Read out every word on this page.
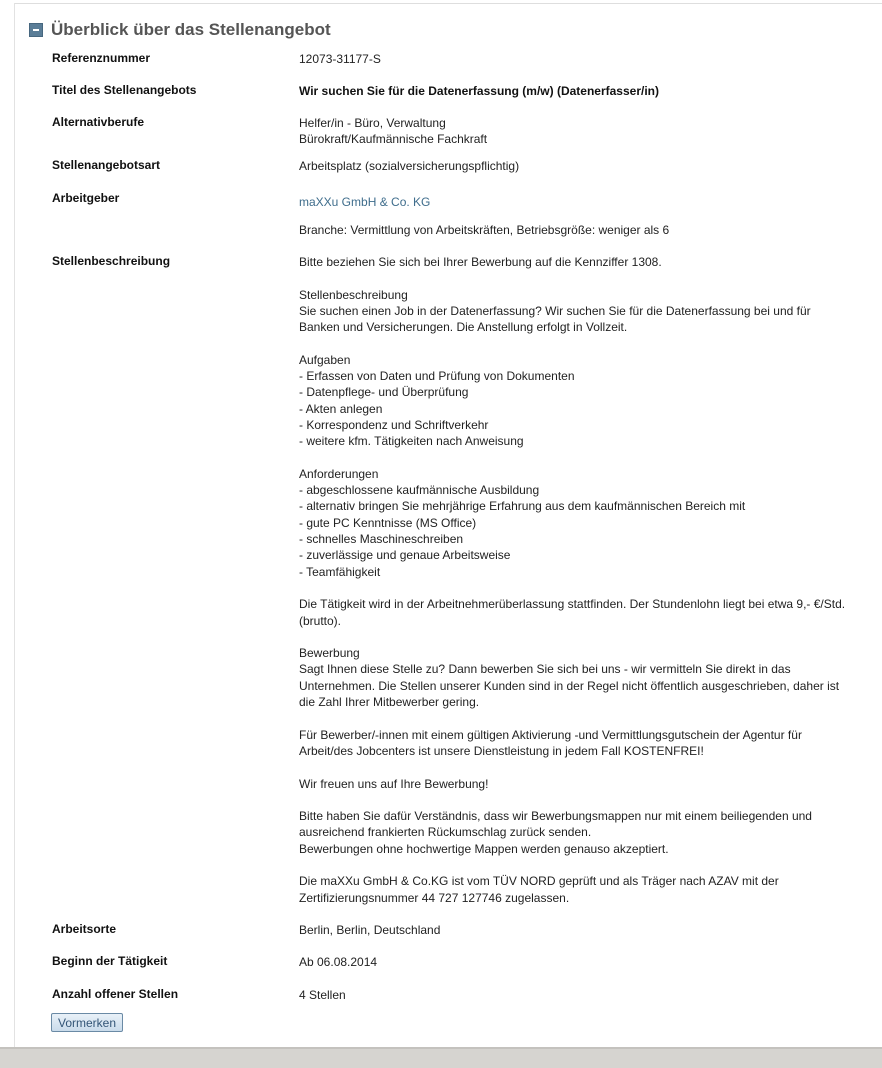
Überblick über das Stellenangebot
Referenznummer	12073-31177-S
Titel des Stellenangebots	Wir suchen Sie für die Datenerfassung (m/w) (Datenerfasser/in)
Alternativberufe	Helfer/in - Büro, Verwaltung
Bürokraft/Kaufmännische Fachkraft
Stellenangebotsart	Arbeitsplatz (sozialversicherungspflichtig)
Arbeitgeber	maXXu GmbH & Co. KG
Branche: Vermittlung von Arbeitskräften, Betriebsgröße: weniger als 6
Stellenbeschreibung	Bitte beziehen Sie sich bei Ihrer Bewerbung auf die Kennziffer 1308.

Stellenbeschreibung
Sie suchen einen Job in der Datenerfassung? Wir suchen Sie für die Datenerfassung bei und für
Banken und Versicherungen. Die Anstellung erfolgt in Vollzeit.

Aufgaben
- Erfassen von Daten und Prüfung von Dokumenten
- Datenpflege- und Überprüfung
- Akten anlegen
- Korrespondenz und Schriftverkehr
- weitere kfm. Tätigkeiten nach Anweisung

Anforderungen
- abgeschlossene kaufmännische Ausbildung
- alternativ bringen Sie mehrjährige Erfahrung aus dem kaufmännischen Bereich mit
- gute PC Kenntnisse (MS Office)
- schnelles Maschineschreiben
- zuverlässige und genaue Arbeitsweise
- Teamfähigkeit

Die Tätigkeit wird in der Arbeitnehmerüberlassung stattfinden. Der Stundenlohn liegt bei etwa 9,- €/Std.
(brutto).

Bewerbung
Sagt Ihnen diese Stelle zu? Dann bewerben Sie sich bei uns - wir vermitteln Sie direkt in das
Unternehmen. Die Stellen unserer Kunden sind in der Regel nicht öffentlich ausgeschrieben, daher ist
die Zahl Ihrer Mitbewerber gering.

Für Bewerber/-innen mit einem gültigen Aktivierung -und Vermittlungsgutschein der Agentur für
Arbeit/des Jobcenters ist unsere Dienstleistung in jedem Fall KOSTENFREI!

Wir freuen uns auf Ihre Bewerbung!

Bitte haben Sie dafür Verständnis, dass wir Bewerbungsmappen nur mit einem beiliegenden und
ausreichend frankierten Rückumschlag zurück senden.
Bewerbungen ohne hochwertige Mappen werden genauso akzeptiert.

Die maXXu GmbH & Co.KG ist vom TÜV NORD geprüft und als Träger nach AZAV mit der
Zertifizierungsnummer 44 727 127746 zugelassen.

Arbeitsorte	Berlin, Berlin, Deutschland
Beginn der Tätigkeit	Ab 06.08.2014
Anzahl offener Stellen	4 Stellen
Vormerken
